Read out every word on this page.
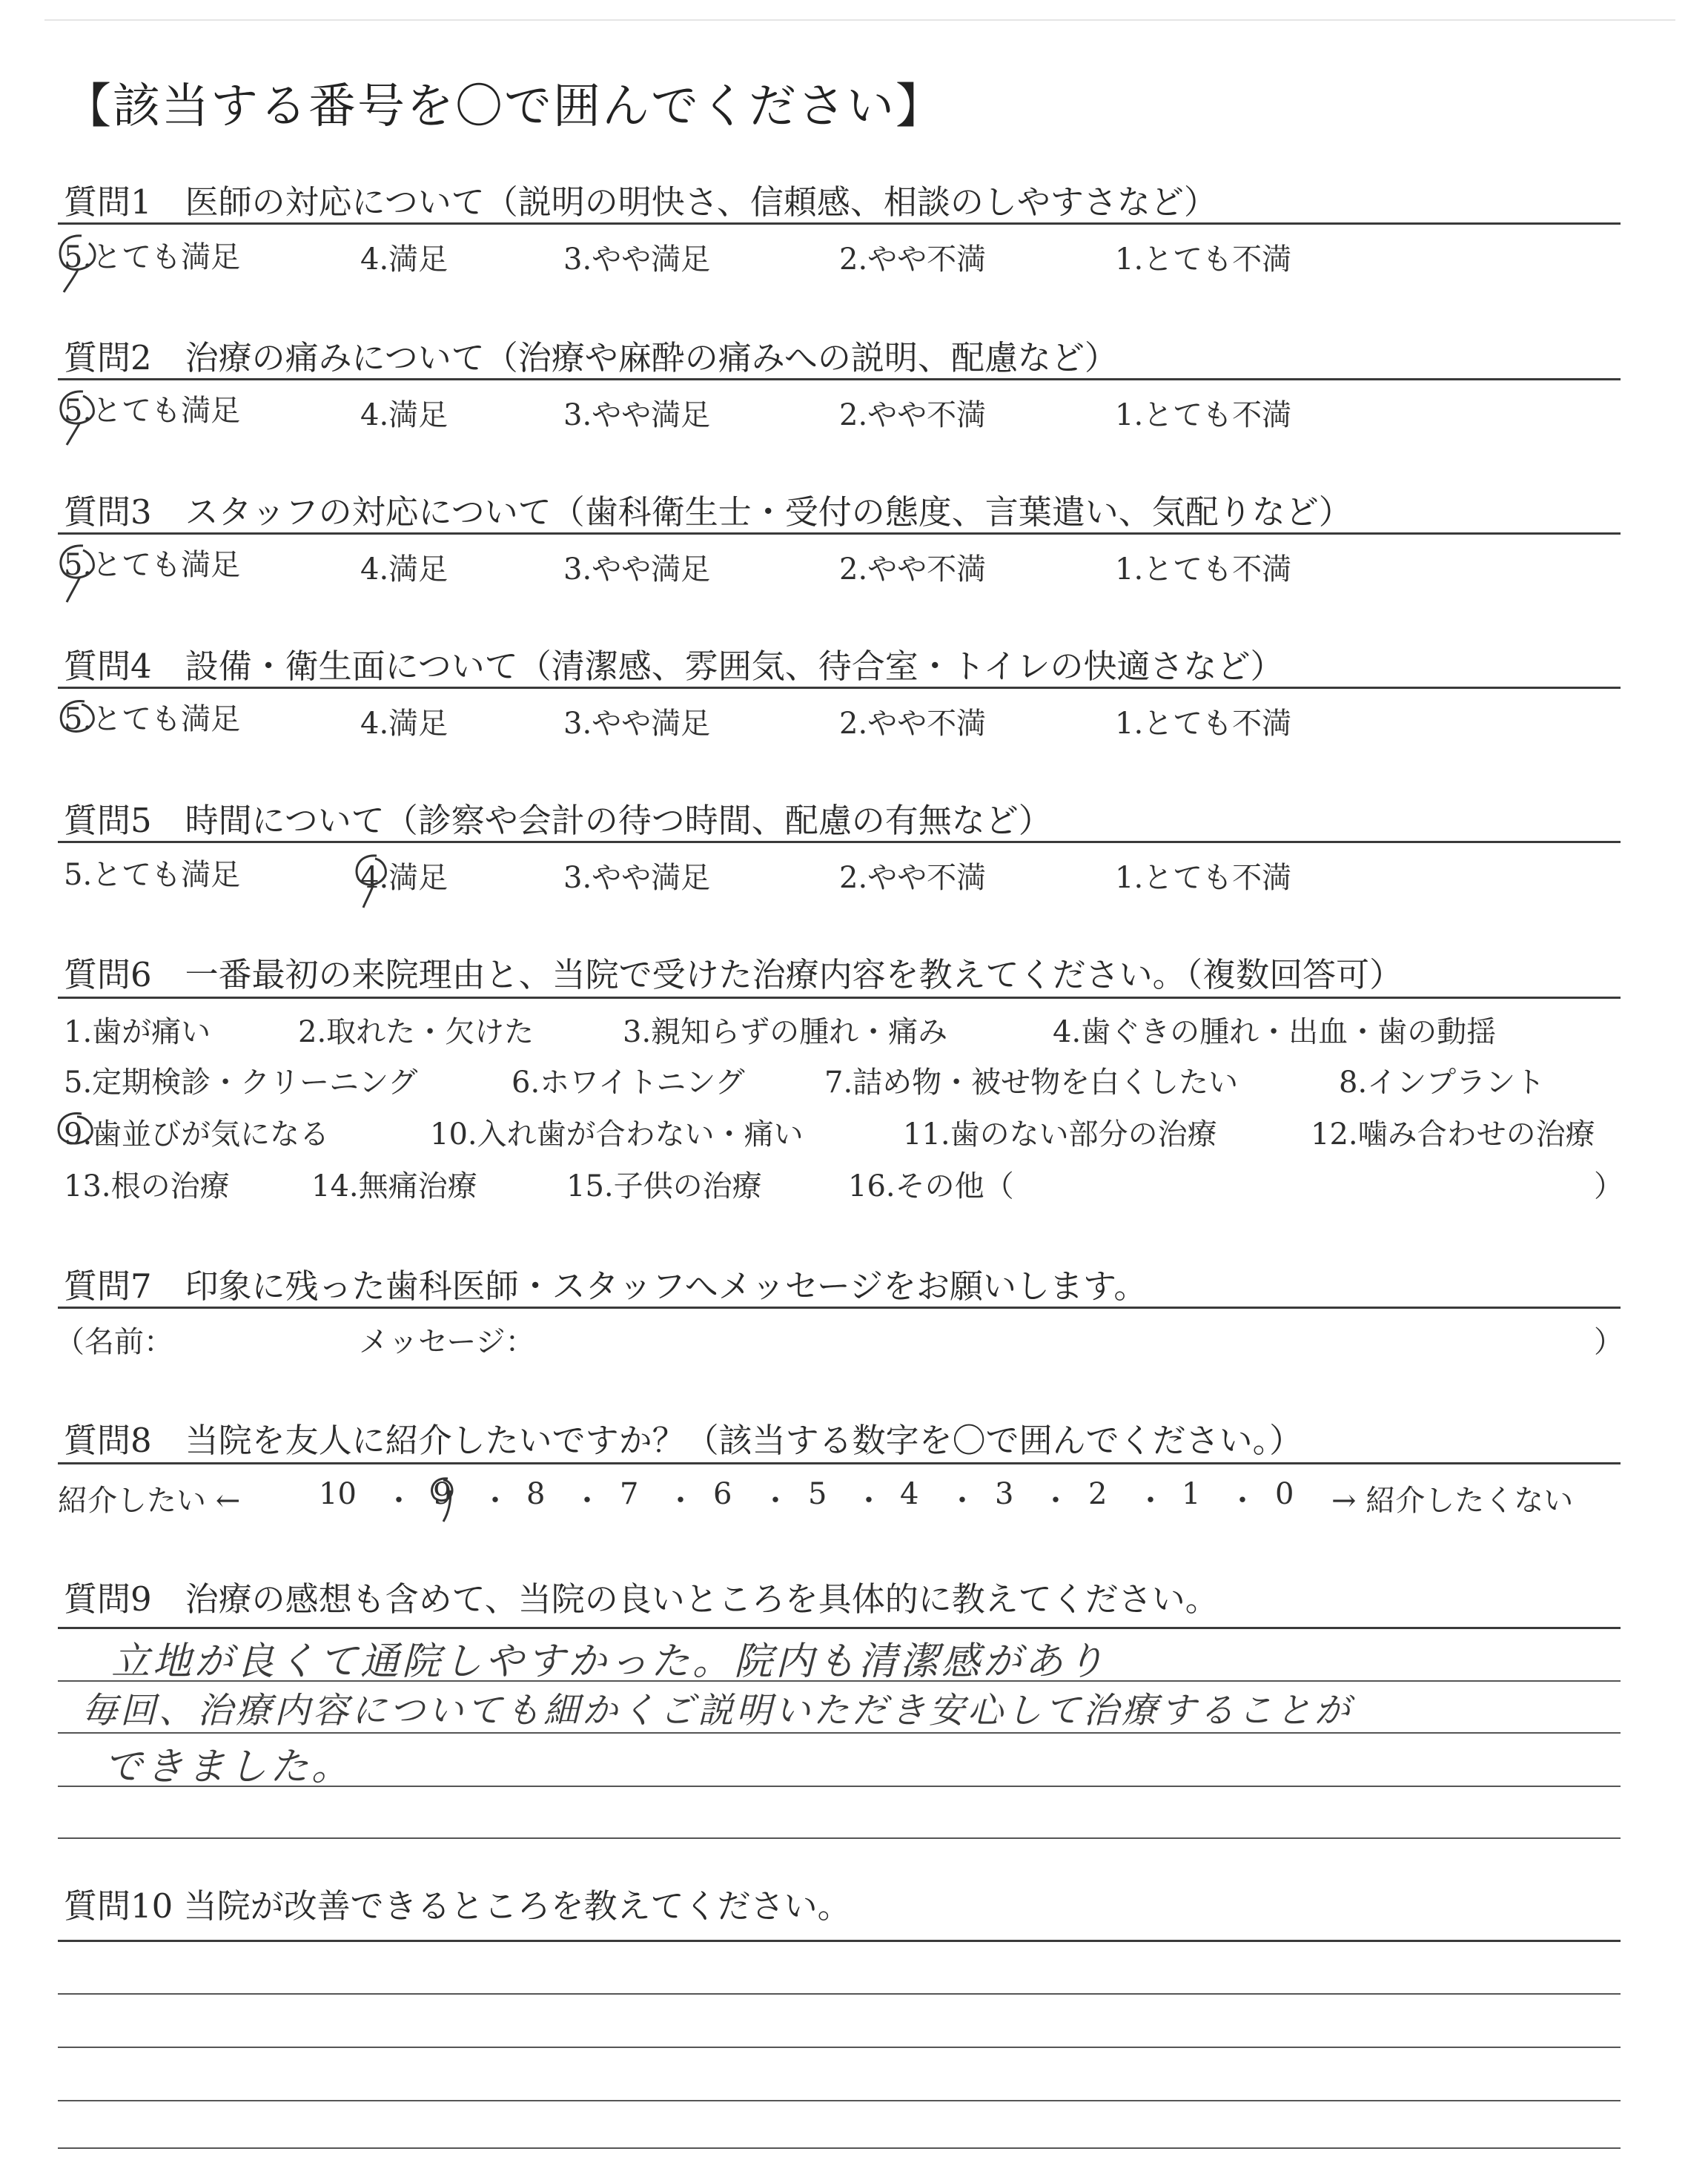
【該当する番号を〇で囲んでください】
質問1　医師の対応について（説明の明快さ、信頼感、相談のしやすさなど）
5.とても満足	4.満足	3.やや満足	2.やや不満	1.とても不満
質問2　治療の痛みについて（治療や麻酔の痛みへの説明、配慮など）
5.とても満足	4.満足	3.やや満足	2.やや不満	1.とても不満
質問3　スタッフの対応について（歯科衛生士・受付の態度、言葉遣い、気配りなど）
5.とても満足	4.満足	3.やや満足	2.やや不満	1.とても不満
質問4　設備・衛生面について（清潔感、雰囲気、待合室・トイレの快適さなど）
5.とても満足	4.満足	3.やや満足	2.やや不満	1.とても不満
質問5　時間について（診察や会計の待つ時間、配慮の有無など）
5.とても満足	4.満足	3.やや満足	2.やや不満	1.とても不満
質問6　一番最初の来院理由と、当院で受けた治療内容を教えてください。（複数回答可）
1.歯が痛い	2.取れた・欠けた	3.親知らずの腫れ・痛み	4.歯ぐきの腫れ・出血・歯の動揺
5.定期検診・クリーニング	6.ホワイトニング	7.詰め物・被せ物を白くしたい	8.インプラント
9.歯並びが気になる	10.入れ歯が合わない・痛い	11.歯のない部分の治療	12.噛み合わせの治療
13.根の治療	14.無痛治療	15.子供の治療	16.その他（	）
質問7　印象に残った歯科医師・スタッフへメッセージをお願いします。
（名前：	メッセージ：	）
質問8　当院を友人に紹介したいですか？（該当する数字を〇で囲んでください。）
紹介したい ←	10 ・ 9 ・ 8 ・ 7 ・ 6 ・ 5 ・ 4 ・ 3 ・ 2 ・ 1 ・ 0 → 紹介したくない
質問9　治療の感想も含めて、当院の良いところを具体的に教えてください。
立地が良くて通院しやすかった。院内も清潔感があり
毎回、治療内容についても細かくご説明いただき安心して治療することが
できました。
質問10 当院が改善できるところを教えてください。
